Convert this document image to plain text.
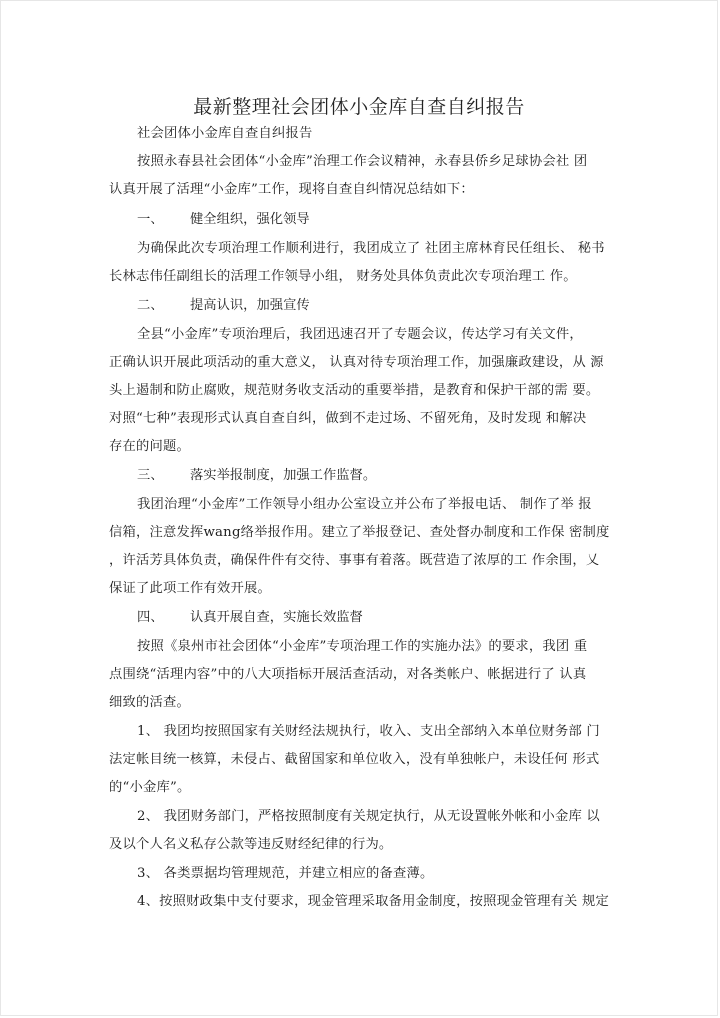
最新整理社会团体小金库自查自纠报告
社会团体小金库自查自纠报告
按照永春县社会团体“小金库”治理工作会议精神，永春县侨乡足球协会社 团
认真开展了活理“小金库”工作，现将自查自纠情况总结如下：
一、 健全组织，强化领导
为确保此次专项治理工作顺利进行，我团成立了 社团主席林育民任组长、 秘书
长林志伟任副组长的活理工作领导小组， 财务处具体负责此次专项治理工 作。
二、 提高认识，加强宣传
全县“小金库”专项治理后，我团迅速召开了专题会议，传达学习有关文件，
正确认识开展此项活动的重大意义， 认真对待专项治理工作，加强廉政建设，从 源
头上遏制和防止腐败，规范财务收支活动的重要举措，是教育和保护干部的需 要。
对照“七种”表现形式认真自查自纠，做到不走过场、不留死角，及时发现 和解决
存在的问题。
三、 落实举报制度，加强工作监督。
我团治理“小金库”工作领导小组办公室设立并公布了举报电话、 制作了举 报
信箱，注意发挥wang络举报作用。建立了举报登记、查处督办制度和工作保 密制度
，许活芳具体负责，确保件件有交待、事事有着落。既营造了浓厚的工 作余围，乂
保证了此项工作有效开展。
四、 认真开展自查，实施长效监督
按照《泉州市社会团体“小金库”专项治理工作的实施办法》的要求，我团 重
点围绕“活理内容”中的八大项指标开展活查活动，对各类帐户、帐据进行了 认真
细致的活查。
1、 我团均按照国家有关财经法规执行，收入、支出全部纳入本单位财务部 门
法定帐目统一核算，未侵占、截留国家和单位收入，没有单独帐户，未设任何 形式
的“小金库”。
2、 我团财务部门，严格按照制度有关规定执行，从无设置帐外帐和小金库 以
及以个人名义私存公款等违反财经纪律的行为。
3、 各类票据均管理规范，并建立相应的备查薄。
4、按照财政集中支付要求，现金管理采取备用金制度，按照现金管理有关 规定
